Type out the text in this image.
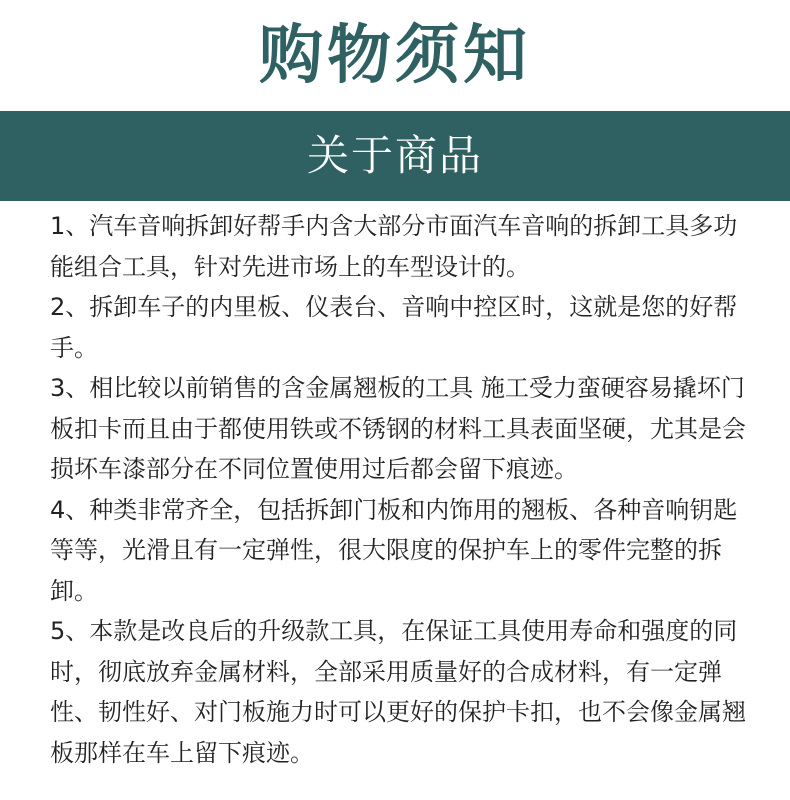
购物须知
关于商品

1、汽车音响拆卸好帮手内含大部分市面汽车音响的拆卸工具多功能组合工具，针对先进市场上的车型设计的。

2、拆卸车子的内里板、仪表台、音响中控区时，这就是您的好帮手。

3、相比较以前销售的含金属翘板的工具 施工受力蛮硬容易撬坏门板扣卡而且由于都使用铁或不锈钢的材料工具表面坚硬，尤其是会损坏车漆部分在不同位置使用过后都会留下痕迹。

4、种类非常齐全，包括拆卸门板和内饰用的翘板、各种音响钥匙等等，光滑且有一定弹性，很大限度的保护车上的零件完整的拆卸。

5、本款是改良后的升级款工具，在保证工具使用寿命和强度的同时，彻底放弃金属材料，全部采用质量好的合成材料，有一定弹性、韧性好、对门板施力时可以更好的保护卡扣，也不会像金属翘板那样在车上留下痕迹。
